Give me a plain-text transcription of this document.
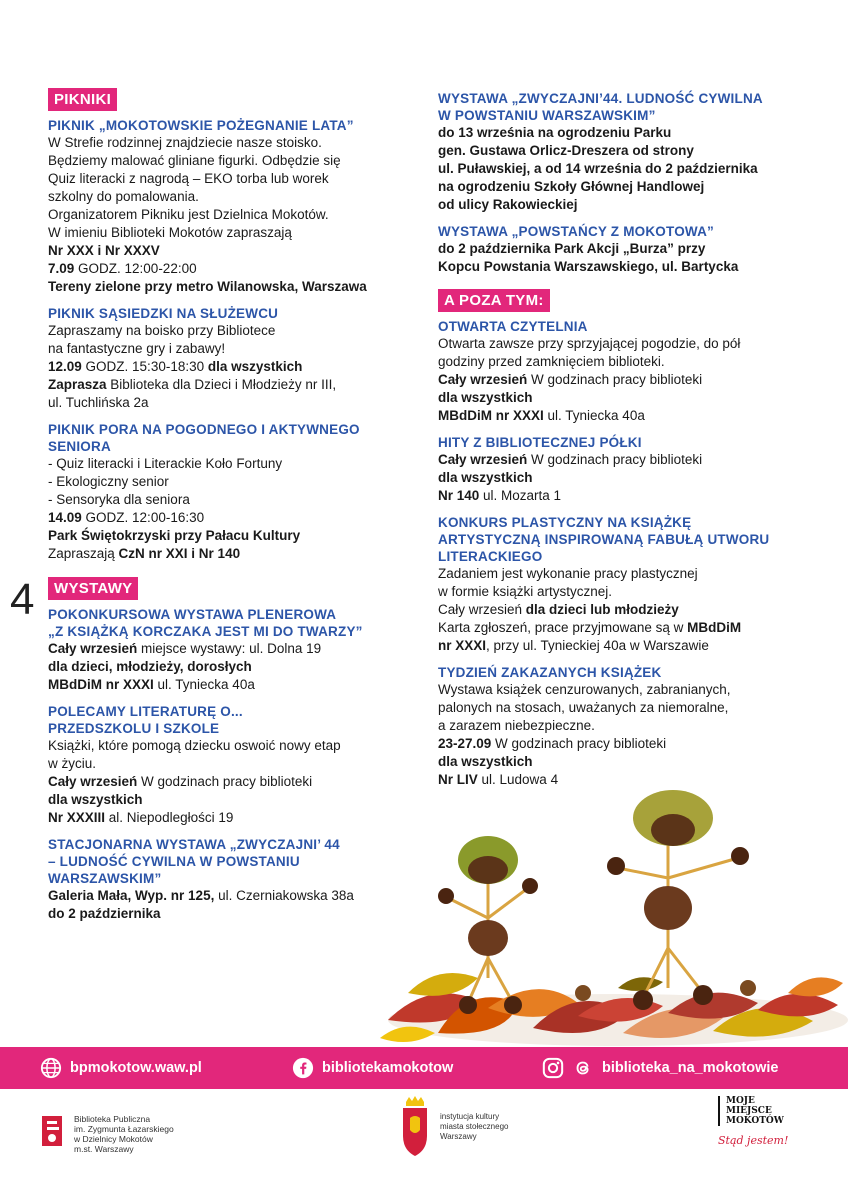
PIKNIKI
PIKNIK „MOKOTOWSKIE POŻEGNANIE LATA”

W Strefie rodzinnej znajdziecie nasze stoisko.

Będziemy malować gliniane figurki. Odbędzie się

Quiz literacki z nagrodą – EKO torba lub worek

szkolny do pomalowania.

Organizatorem Pikniku jest Dzielnica Mokotów.

W imieniu Biblioteki Mokotów zapraszają

Nr XXX i Nr XXXV

7.09 GODZ. 12:00-22:00

Tereny zielone przy metro Wilanowska, Warszawa

PIKNIK SĄSIEDZKI NA SŁUŻEWCU

Zapraszamy na boisko przy Bibliotece

na fantastyczne gry i zabawy!

12.09 GODZ. 15:30-18:30 dla wszystkich

Zaprasza Biblioteka dla Dzieci i Młodzieży nr III,

ul. Tuchlińska 2a

PIKNIK PORA NA POGODNEGO I AKTYWNEGO
SENIORA

- Quiz literacki i Literackie Koło Fortuny

- Ekologiczny senior

- Sensoryka dla seniora

14.09 GODZ. 12:00-16:30

Park Świętokrzyski przy Pałacu Kultury

Zapraszają CzN nr XXI i Nr 140

WYSTAWY
POKONKURSOWA WYSTAWA PLENEROWA
„Z KSIĄŻKĄ KORCZAKA JEST MI DO TWARZY”

Cały wrzesień miejsce wystawy: ul. Dolna 19

dla dzieci, młodzieży, dorosłych

MBdDiM nr XXXI ul. Tyniecka 40a

POLECAMY LITERATURĘ O...
PRZEDSZKOLU I SZKOLE

Książki, które pomogą dziecku oswoić nowy etap

w życiu.

Cały wrzesień W godzinach pracy biblioteki

dla wszystkich

Nr XXXIII al. Niepodległości 19

STACJONARNA WYSTAWA „ZWYCZAJNI’ 44
– LUDNOŚĆ CYWILNA W POWSTANIU
WARSZAWSKIM”

Galeria Mała, Wyp. nr 125, ul. Czerniakowska 38a

do 2 października

4
WYSTAWA „ZWYCZAJNI’44. LUDNOŚĆ CYWILNA
W POWSTANIU WARSZAWSKIM”

do 13 września na ogrodzeniu Parku

gen. Gustawa Orlicz-Dreszera od strony

ul. Puławskiej, a od 14 września do 2 października

na ogrodzeniu Szkoły Głównej Handlowej

od ulicy Rakowieckiej

WYSTAWA „POWSTAŃCY Z MOKOTOWA”

do 2 października Park Akcji „Burza” przy

Kopcu Powstania Warszawskiego, ul. Bartycka

A POZA TYM:
OTWARTA CZYTELNIA

Otwarta zawsze przy sprzyjającej pogodzie, do pół

godziny przed zamknięciem biblioteki.

Cały wrzesień W godzinach pracy biblioteki

dla wszystkich

MBdDiM nr XXXI ul. Tyniecka 40a

HITY Z BIBLIOTECZNEJ PÓŁKI

Cały wrzesień W godzinach pracy biblioteki

dla wszystkich

Nr 140 ul. Mozarta 1

KONKURS PLASTYCZNY NA KSIĄŻKĘ
ARTYSTYCZNĄ INSPIROWANĄ FABUŁĄ UTWORU
LITERACKIEGO

Zadaniem jest wykonanie pracy plastycznej

w formie książki artystycznej.

Cały wrzesień dla dzieci lub młodzieży

Karta zgłoszeń, prace przyjmowane są w MBdDiM

nr XXXI, przy ul. Tynieckiej 40a w Warszawie

TYDZIEŃ ZAKAZANYCH KSIĄŻEK

Wystawa książek cenzurowanych, zabranianych,

palonych na stosach, uważanych za niemoralne,

a zarazem niebezpieczne.

23-27.09 W godzinach pracy biblioteki

dla wszystkich

Nr LIV ul. Ludowa 4

bpmokotow.waw.pl	bibliotekamokotow	biblioteka_na_mokotowie
Biblioteka Publiczna
im. Zygmunta Łazarskiego
w Dzielnicy Mokotów
m.st. Warszawy
instytucja kultury
miasta stołecznego
Warszawy
MOJE
MIEJSCE
MOKOTÓW
Stąd jestem!
